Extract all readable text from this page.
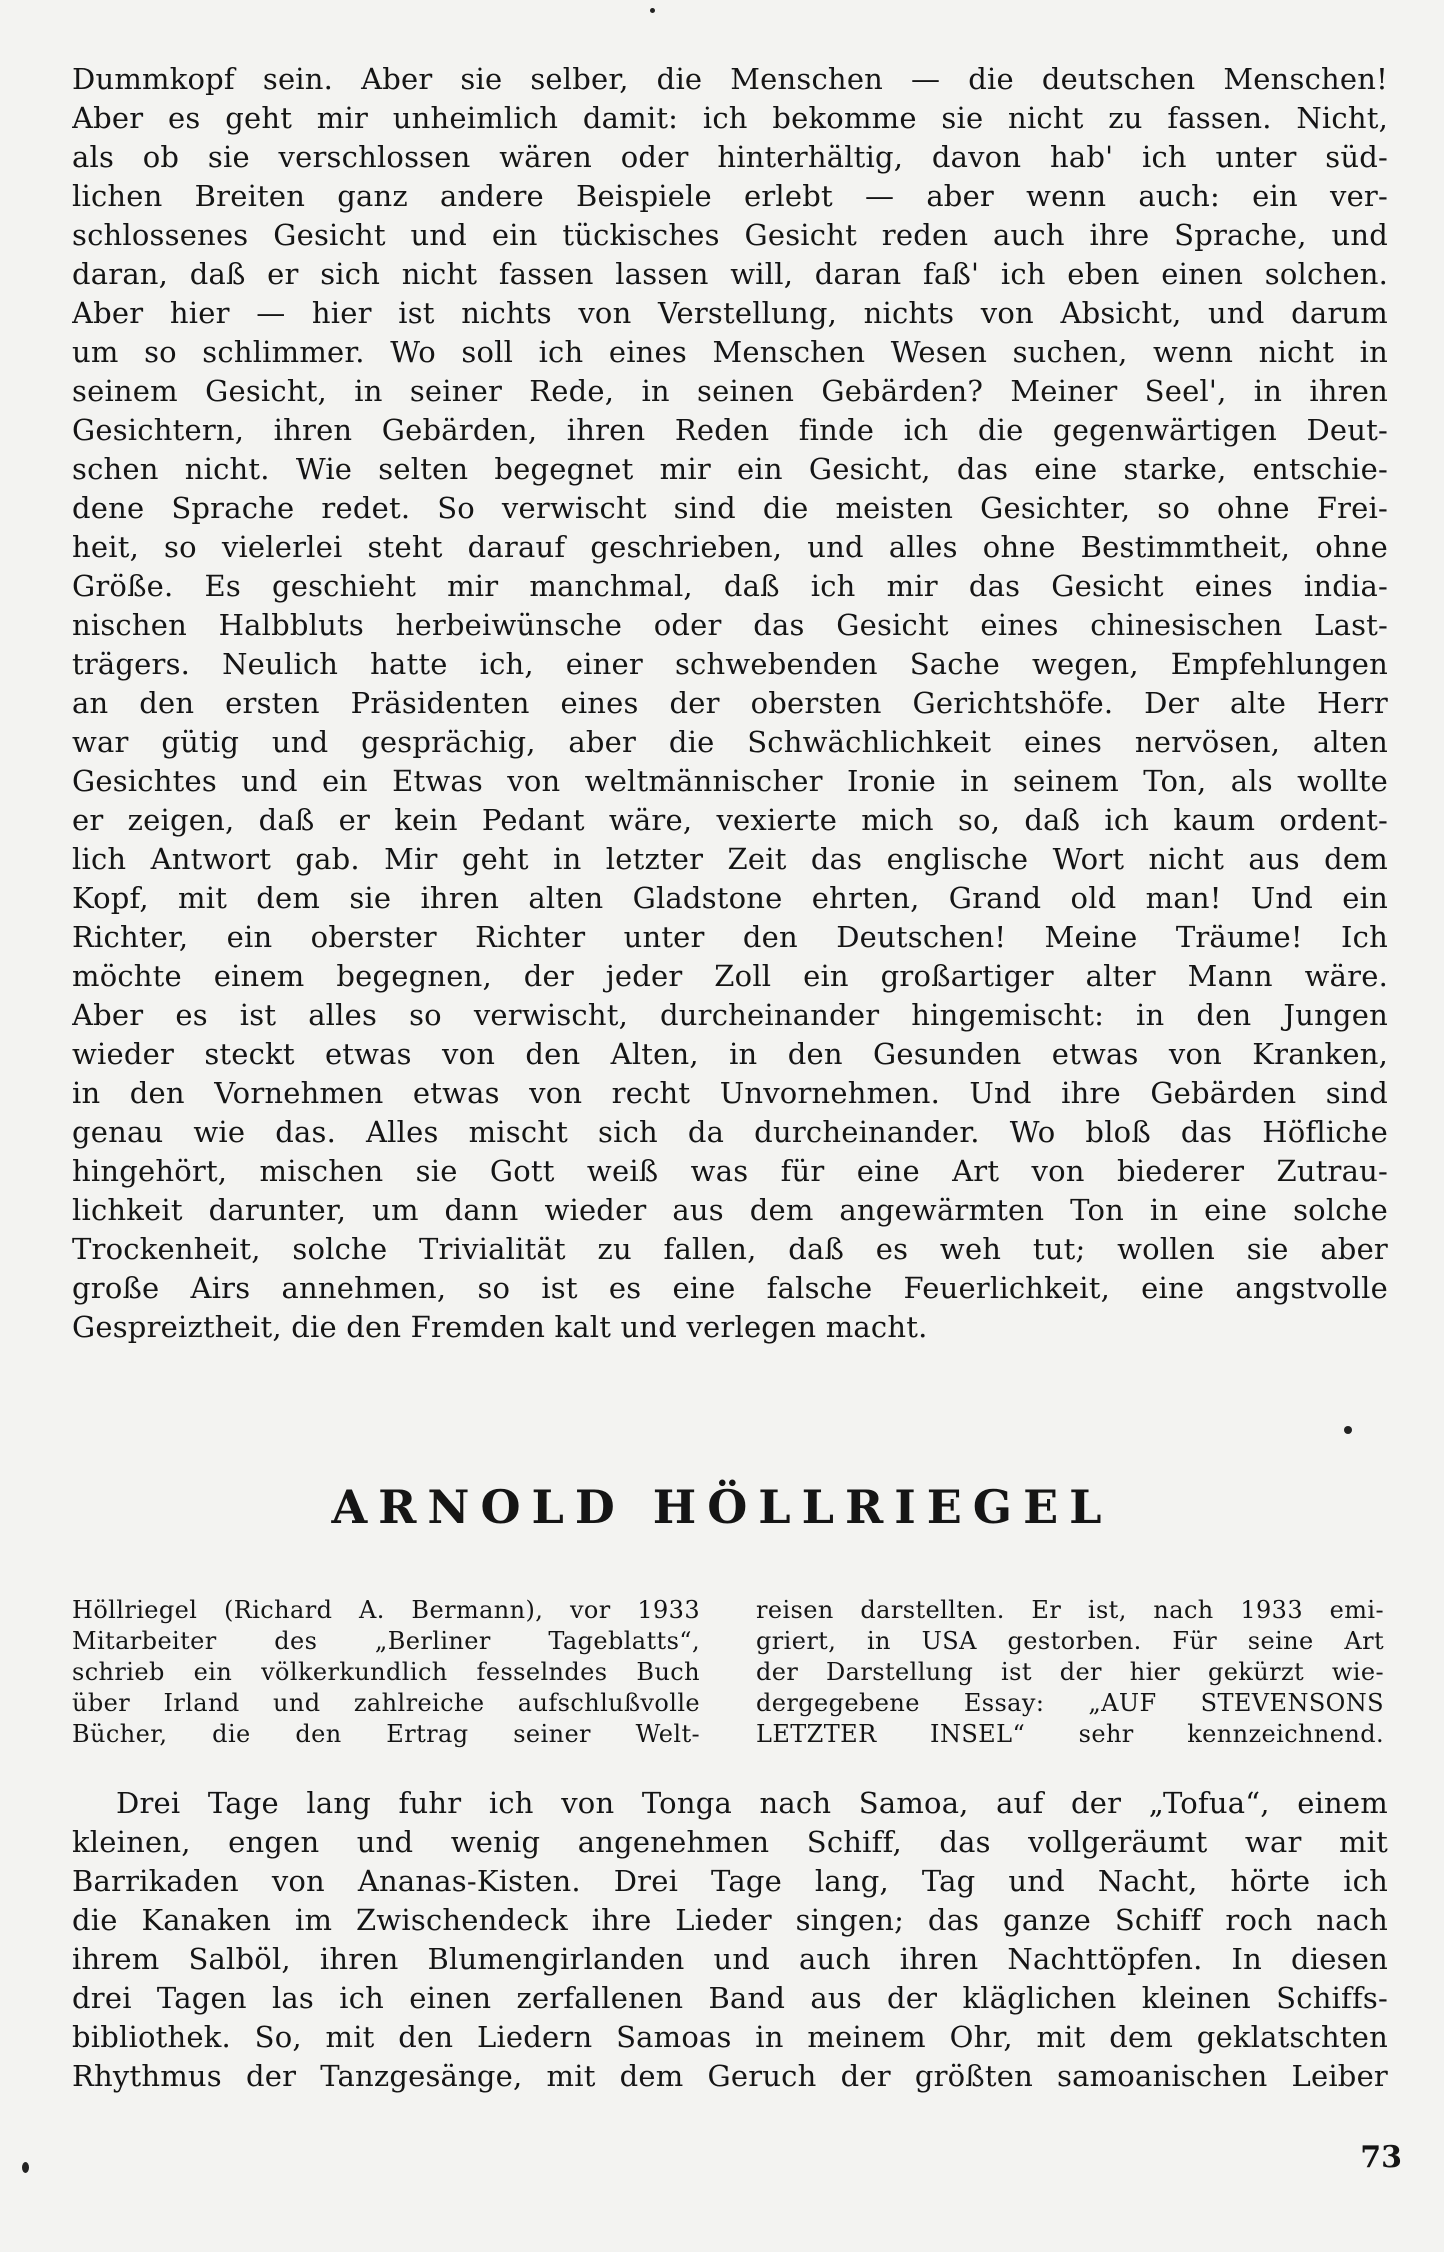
Dummkopf sein. Aber sie selber, die Menschen — die deutschen Menschen!
Aber es geht mir unheimlich damit: ich bekomme sie nicht zu fassen. Nicht,
als ob sie verschlossen wären oder hinterhältig, davon hab' ich unter süd-
lichen Breiten ganz andere Beispiele erlebt — aber wenn auch: ein ver-
schlossenes Gesicht und ein tückisches Gesicht reden auch ihre Sprache, und
daran, daß er sich nicht fassen lassen will, daran faß' ich eben einen solchen.
Aber hier — hier ist nichts von Verstellung, nichts von Absicht, und darum
um so schlimmer. Wo soll ich eines Menschen Wesen suchen, wenn nicht in
seinem Gesicht, in seiner Rede, in seinen Gebärden? Meiner Seel', in ihren
Gesichtern, ihren Gebärden, ihren Reden finde ich die gegenwärtigen Deut-
schen nicht. Wie selten begegnet mir ein Gesicht, das eine starke, entschie-
dene Sprache redet. So verwischt sind die meisten Gesichter, so ohne Frei-
heit, so vielerlei steht darauf geschrieben, und alles ohne Bestimmtheit, ohne
Größe. Es geschieht mir manchmal, daß ich mir das Gesicht eines india-
nischen Halbbluts herbeiwünsche oder das Gesicht eines chinesischen Last-
trägers. Neulich hatte ich, einer schwebenden Sache wegen, Empfehlungen
an den ersten Präsidenten eines der obersten Gerichtshöfe. Der alte Herr
war gütig und gesprächig, aber die Schwächlichkeit eines nervösen, alten
Gesichtes und ein Etwas von weltmännischer Ironie in seinem Ton, als wollte
er zeigen, daß er kein Pedant wäre, vexierte mich so, daß ich kaum ordent-
lich Antwort gab. Mir geht in letzter Zeit das englische Wort nicht aus dem
Kopf, mit dem sie ihren alten Gladstone ehrten, Grand old man! Und ein
Richter, ein oberster Richter unter den Deutschen! Meine Träume! Ich
möchte einem begegnen, der jeder Zoll ein großartiger alter Mann wäre.
Aber es ist alles so verwischt, durcheinander hingemischt: in den Jungen
wieder steckt etwas von den Alten, in den Gesunden etwas von Kranken,
in den Vornehmen etwas von recht Unvornehmen. Und ihre Gebärden sind
genau wie das. Alles mischt sich da durcheinander. Wo bloß das Höfliche
hingehört, mischen sie Gott weiß was für eine Art von biederer Zutrau-
lichkeit darunter, um dann wieder aus dem angewärmten Ton in eine solche
Trockenheit, solche Trivialität zu fallen, daß es weh tut; wollen sie aber
große Airs annehmen, so ist es eine falsche Feuerlichkeit, eine angstvolle
Gespreiztheit, die den Fremden kalt und verlegen macht.
ARNOLD HÖLLRIEGEL
Höllriegel (Richard A. Bermann), vor 1933
Mitarbeiter des „Berliner Tageblatts“,
schrieb ein völkerkundlich fesselndes Buch
über Irland und zahlreiche aufschlußvolle
Bücher, die den Ertrag seiner Welt-
reisen darstellten. Er ist, nach 1933 emi-
griert, in USA gestorben. Für seine Art
der Darstellung ist der hier gekürzt wie-
dergegebene Essay: „AUF STEVENSONS
LETZTER INSEL“ sehr kennzeichnend.
Drei Tage lang fuhr ich von Tonga nach Samoa, auf der „Tofua“, einem
kleinen, engen und wenig angenehmen Schiff, das vollgeräumt war mit
Barrikaden von Ananas-Kisten. Drei Tage lang, Tag und Nacht, hörte ich
die Kanaken im Zwischendeck ihre Lieder singen; das ganze Schiff roch nach
ihrem Salböl, ihren Blumengirlanden und auch ihren Nachttöpfen. In diesen
drei Tagen las ich einen zerfallenen Band aus der kläglichen kleinen Schiffs-
bibliothek. So, mit den Liedern Samoas in meinem Ohr, mit dem geklatschten
Rhythmus der Tanzgesänge, mit dem Geruch der größten samoanischen Leiber
73
